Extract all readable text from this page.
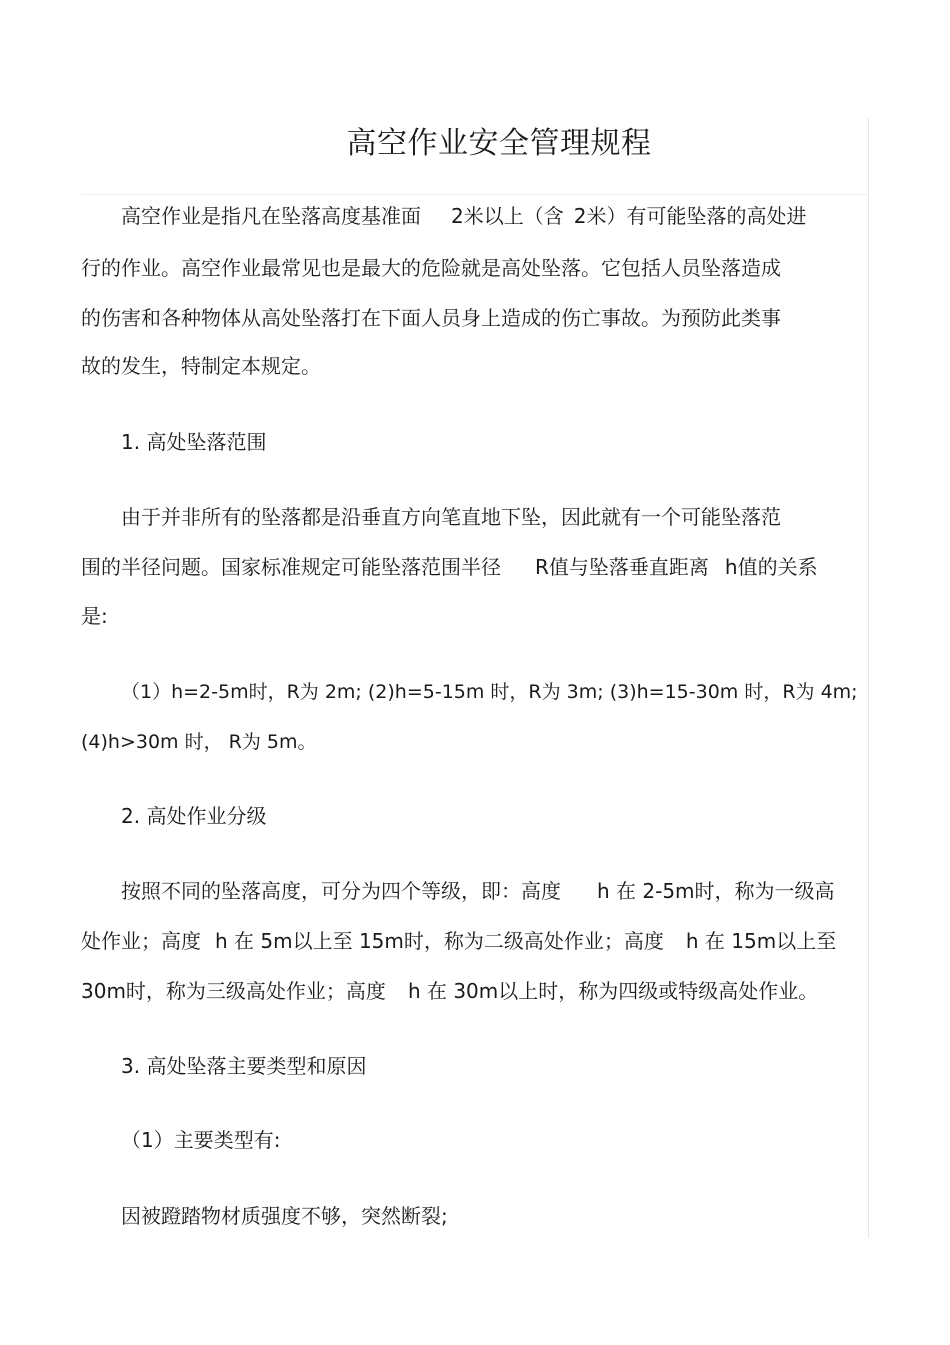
高空作业安全管理规程
高空作业是指凡在坠落高度基准面 2米以上（含 2米）有可能坠落的高处进
行的作业。高空作业最常见也是最大的危险就是高处坠落。它包括人员坠落造成
的伤害和各种物体从高处坠落打在下面人员身上造成的伤亡事故。为预防此类事
故的发生，特制定本规定。
1. 高处坠落范围
由于并非所有的坠落都是沿垂直方向笔直地下坠，因此就有一个可能坠落范
围的半径问题。国家标准规定可能坠落范围半径 R值与坠落垂直距离 h值的关系
是:
（1）h=2-5m时，R为 2m; (2)h=5-15m 时，R为 3m; (3)h=15-30m 时，R为 4m;
(4)h>30m 时， R为 5m。
2. 高处作业分级
按照不同的坠落高度，可分为四个等级，即：高度 h 在 2-5m时，称为一级高
处作业；高度 h 在 5m以上至 15m时，称为二级高处作业；高度 h 在 15m以上至
30m时，称为三级高处作业；高度 h 在 30m以上时，称为四级或特级高处作业。
3. 高处坠落主要类型和原因
（1）主要类型有:
因被蹬踏物材质强度不够，突然断裂;
